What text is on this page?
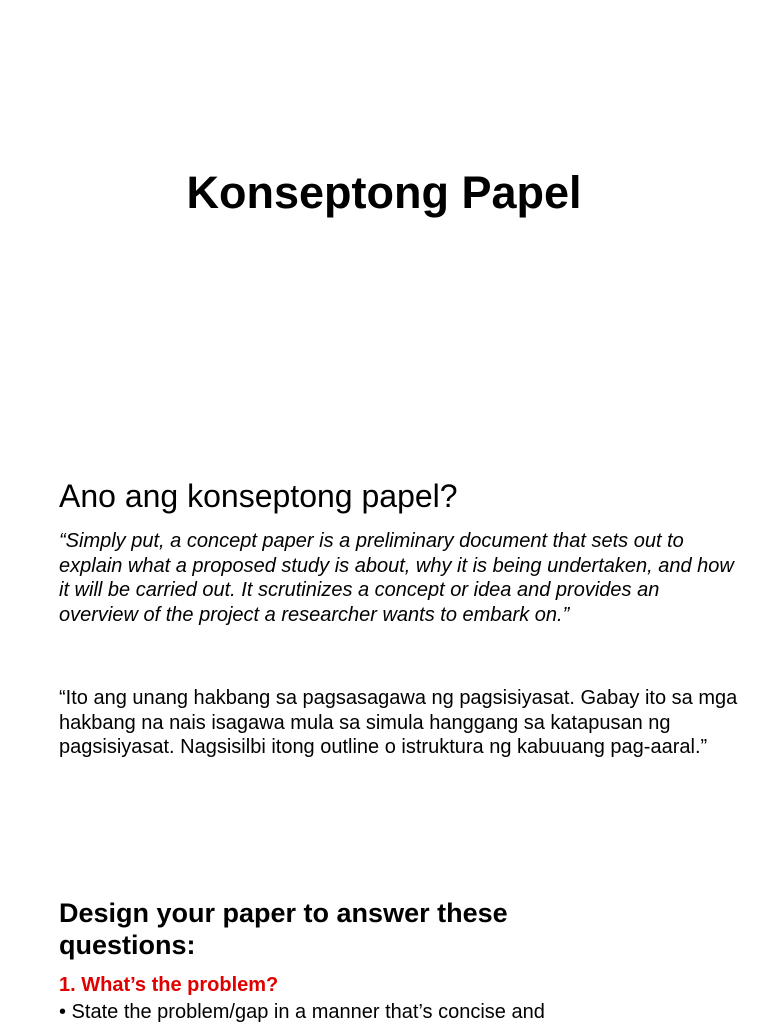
Konseptong Papel
Ano ang konseptong papel?

“Simply put, a concept paper is a preliminary document that sets out to explain what a proposed study is about, why it is being undertaken, and how it will be carried out. It scrutinizes a concept or idea and provides an overview of the project a researcher wants to embark on.”

“Ito ang unang hakbang sa pagsasagawa ng pagsisiyasat. Gabay ito sa mga hakbang na nais isagawa mula sa simula hanggang sa katapusan ng pagsisiyasat. Nagsisilbi itong outline o istruktura ng kabuuang pag-aaral.”

Design your paper to answer these questions:

1. What’s the problem?

• State the problem/gap in a manner that’s concise and
